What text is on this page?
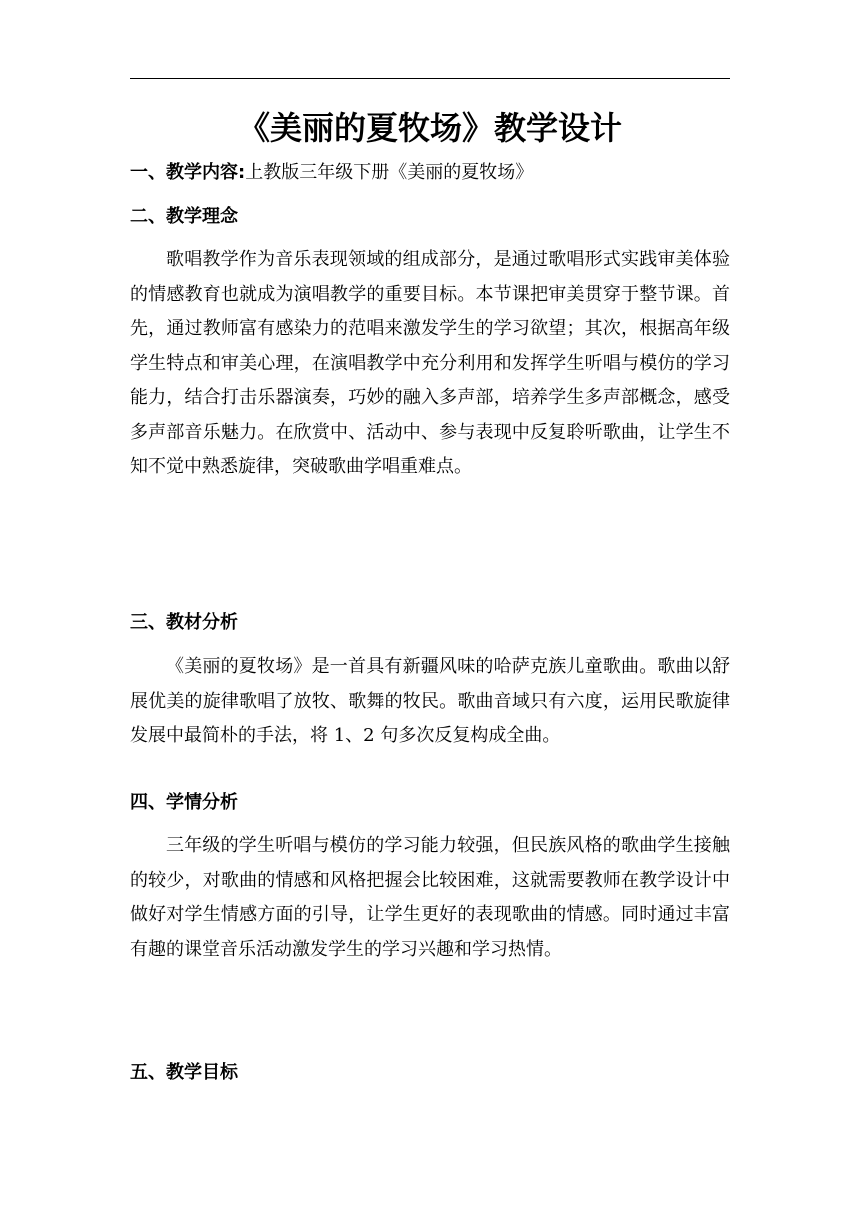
《美丽的夏牧场》教学设计
一、教学内容:上教版三年级下册《美丽的夏牧场》
二、教学理念
歌唱教学作为音乐表现领域的组成部分，是通过歌唱形式实践审美体验的情感教育也就成为演唱教学的重要目标。本节课把审美贯穿于整节课。首先，通过教师富有感染力的范唱来激发学生的学习欲望；其次，根据高年级学生特点和审美心理，在演唱教学中充分利用和发挥学生听唱与模仿的学习能力，结合打击乐器演奏，巧妙的融入多声部，培养学生多声部概念，感受多声部音乐魅力。在欣赏中、活动中、参与表现中反复聆听歌曲，让学生不知不觉中熟悉旋律，突破歌曲学唱重难点。
三、教材分析
《美丽的夏牧场》是一首具有新疆风味的哈萨克族儿童歌曲。歌曲以舒展优美的旋律歌唱了放牧、歌舞的牧民。歌曲音域只有六度，运用民歌旋律发展中最简朴的手法，将 1、2 句多次反复构成全曲。
四、学情分析
三年级的学生听唱与模仿的学习能力较强，但民族风格的歌曲学生接触的较少，对歌曲的情感和风格把握会比较困难，这就需要教师在教学设计中做好对学生情感方面的引导，让学生更好的表现歌曲的情感。同时通过丰富有趣的课堂音乐活动激发学生的学习兴趣和学习热情。
五、教学目标
